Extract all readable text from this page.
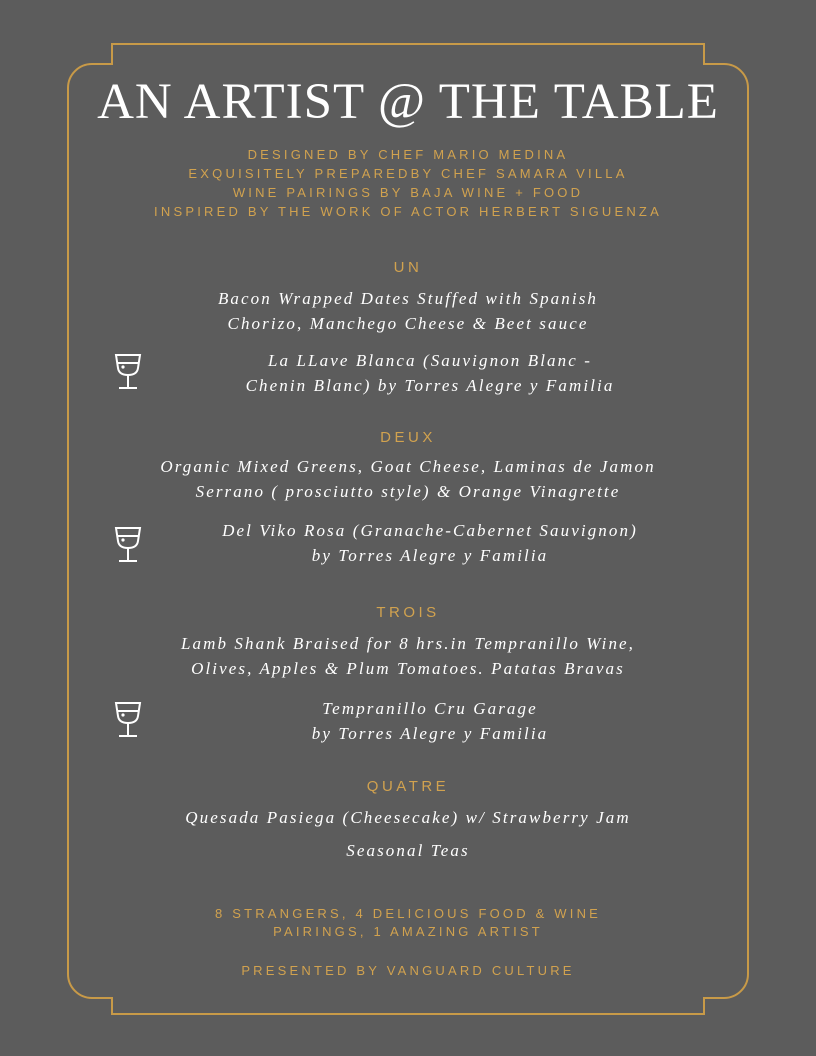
AN ARTIST @ THE TABLE
DESIGNED BY CHEF MARIO MEDINA
EXQUISITELY PREPAREDBY CHEF SAMARA VILLA
WINE PAIRINGS BY BAJA WINE + FOOD
INSPIRED BY THE WORK OF ACTOR HERBERT SIGUENZA
UN
Bacon Wrapped Dates Stuffed with Spanish
Chorizo, Manchego Cheese & Beet sauce
La LLave Blanca (Sauvignon Blanc -
Chenin Blanc) by Torres Alegre y Familia
DEUX
Organic Mixed Greens, Goat Cheese, Laminas de Jamon
Serrano ( prosciutto style) & Orange Vinagrette
Del Viko Rosa (Granache-Cabernet Sauvignon)
by Torres Alegre y Familia
TROIS
Lamb Shank Braised for 8 hrs.in Tempranillo Wine,
Olives, Apples & Plum Tomatoes. Patatas Bravas
Tempranillo Cru Garage
by Torres Alegre y Familia
QUATRE
Quesada Pasiega (Cheesecake) w/ Strawberry Jam
Seasonal Teas
8 STRANGERS, 4 DELICIOUS FOOD & WINE
PAIRINGS, 1 AMAZING ARTIST
PRESENTED BY VANGUARD CULTURE
